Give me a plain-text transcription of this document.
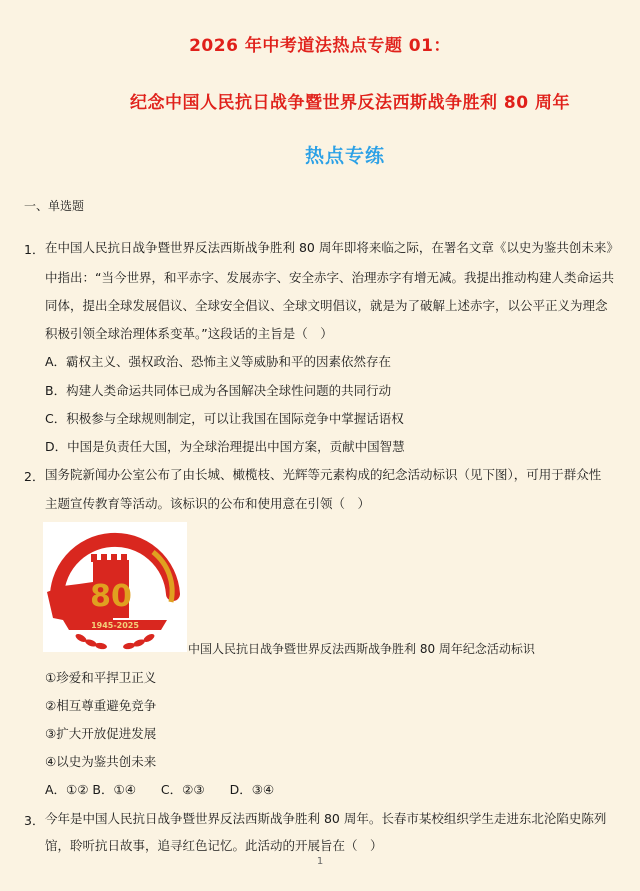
2026 年中考道法热点专题 01：
纪念中国人民抗日战争暨世界反法西斯战争胜利 80 周年
热点专练
一、单选题
1． 在中国人民抗日战争暨世界反法西斯战争胜利 80 周年即将来临之际，在署名文章《以史为鉴共创未来》
中指出：“当今世界，和平赤字、发展赤字、安全赤字、治理赤字有增无减。我提出推动构建人类命运共
同体，提出全球发展倡议、全球安全倡议、全球文明倡议，就是为了破解上述赤字，以公平正义为理念
积极引领全球治理体系变革。”这段话的主旨是（　）
A．霸权主义、强权政治、恐怖主义等威胁和平的因素依然存在
B．构建人类命运共同体已成为各国解决全球性问题的共同行动
C．积极参与全球规则制定，可以让我国在国际竞争中掌握话语权
D．中国是负责任大国，为全球治理提出中国方案，贡献中国智慧
2． 国务院新闻办公室公布了由长城、橄榄枝、光辉等元素构成的纪念活动标识（见下图），可用于群众性
主题宣传教育等活动。该标识的公布和使用意在引领（　）
80
1945-2025
中国人民抗日战争暨世界反法西斯战争胜利 80 周年纪念活动标识
①珍爱和平捍卫正义
②相互尊重避免竞争
③扩大开放促进发展
④以史为鉴共创未来
A．①② B．①④　　C．②③　　D．③④
3． 今年是中国人民抗日战争暨世界反法西斯战争胜利 80 周年。长春市某校组织学生走进东北沦陷史陈列
馆，聆听抗日故事，追寻红色记忆。此活动的开展旨在（　）
1
